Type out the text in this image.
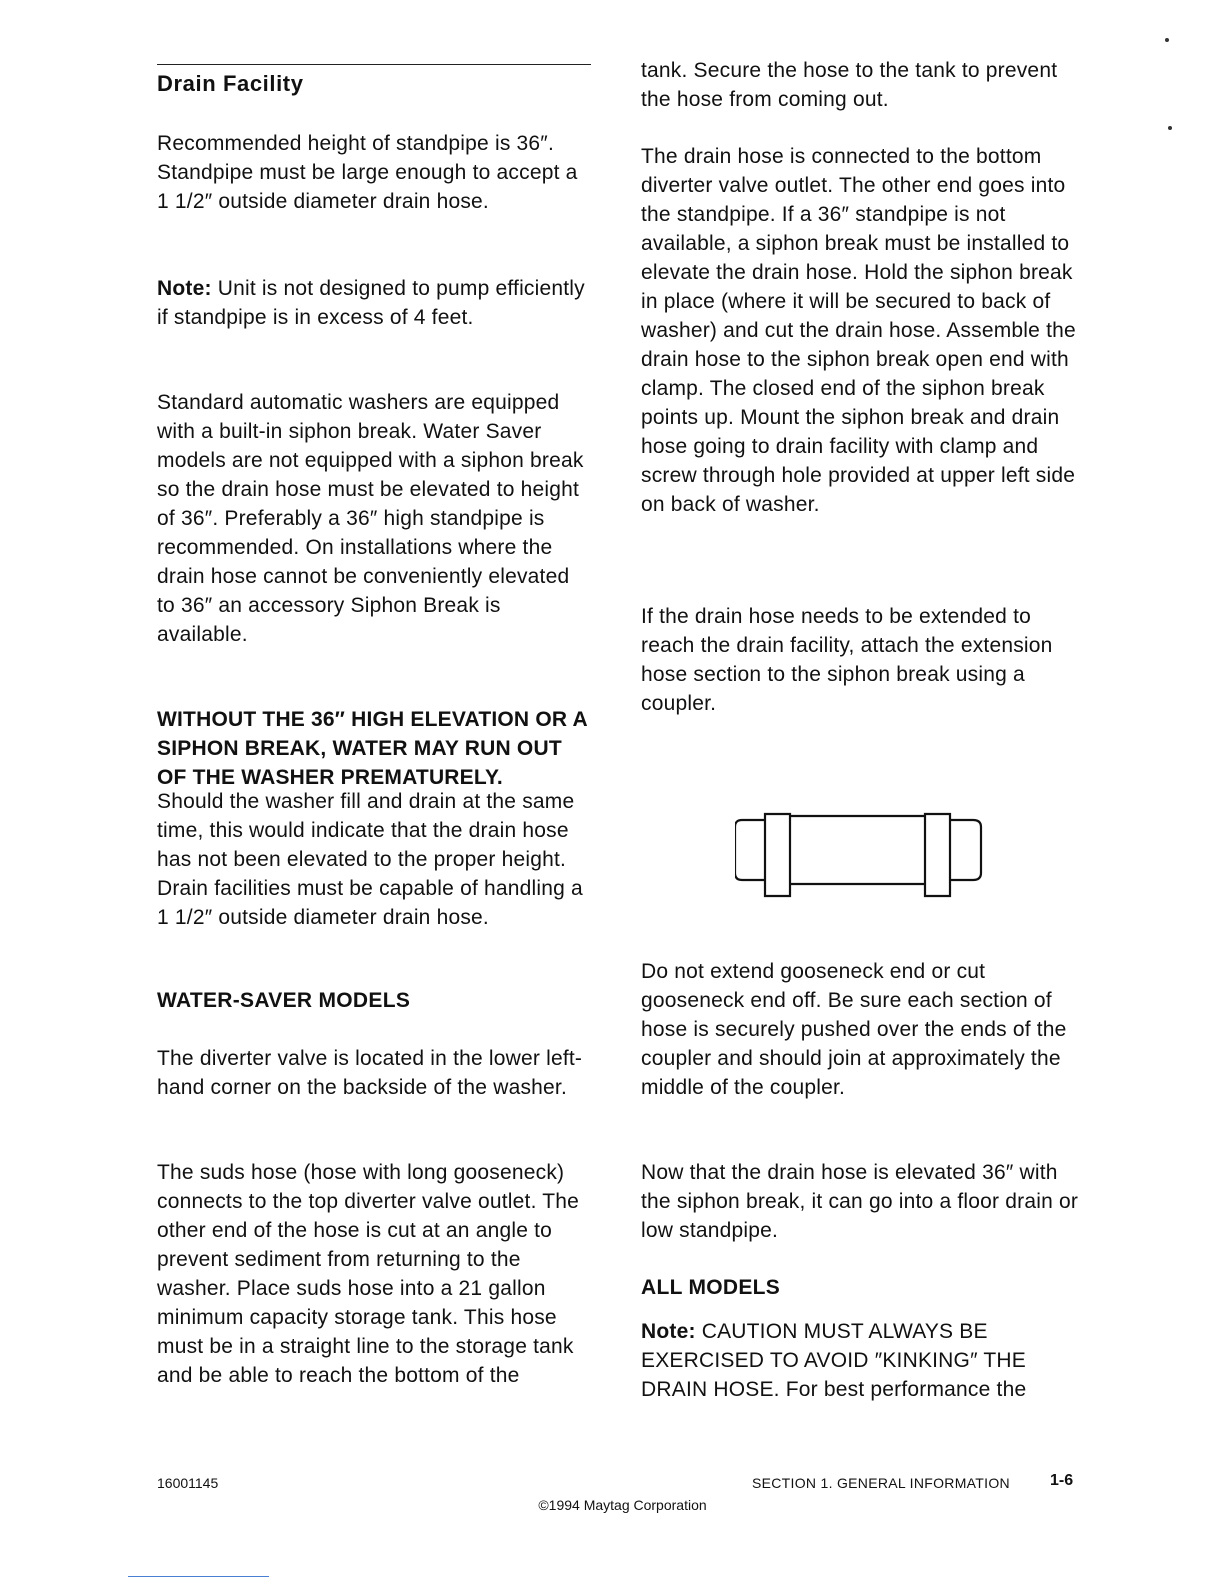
Drain Facility

Recommended height of standpipe is 36″. Standpipe must be large enough to accept a 1 1/2″ outside diameter drain hose.

Note: Unit is not designed to pump efficiently if standpipe is in excess of 4 feet.

Standard automatic washers are equipped with a built-in siphon break. Water Saver models are not equipped with a siphon break so the drain hose must be elevated to height of 36″. Preferably a 36″ high standpipe is recommended. On installations where the drain hose cannot be conveniently elevated to 36″ an accessory Siphon Break is available.

WITHOUT THE 36″ HIGH ELEVATION OR A SIPHON BREAK, WATER MAY RUN OUT OF THE WASHER PREMATURELY.

Should the washer fill and drain at the same time, this would indicate that the drain hose has not been elevated to the proper height. Drain facilities must be capable of handling a 1 1/2″ outside diameter drain hose.

WATER-SAVER MODELS

The diverter valve is located in the lower left-hand corner on the backside of the washer.

The suds hose (hose with long gooseneck) connects to the top diverter valve outlet. The other end of the hose is cut at an angle to prevent sediment from returning to the washer. Place suds hose into a 21 gallon minimum capacity storage tank. This hose must be in a straight line to the storage tank and be able to reach the bottom of the

tank. Secure the hose to the tank to prevent the hose from coming out.

The drain hose is connected to the bottom diverter valve outlet. The other end goes into the standpipe. If a 36″ standpipe is not available, a siphon break must be installed to elevate the drain hose. Hold the siphon break in place (where it will be secured to back of washer) and cut the drain hose. Assemble the drain hose to the siphon break open end with clamp. The closed end of the siphon break points up. Mount the siphon break and drain hose going to drain facility with clamp and screw through hole provided at upper left side on back of washer.

If the drain hose needs to be extended to reach the drain facility, attach the extension hose section to the siphon break using a coupler.

Do not extend gooseneck end or cut gooseneck end off. Be sure each section of hose is securely pushed over the ends of the coupler and should join at approximately the middle of the coupler.

Now that the drain hose is elevated 36″ with the siphon break, it can go into a floor drain or low standpipe.

ALL MODELS

Note: CAUTION MUST ALWAYS BE EXERCISED TO AVOID ″KINKING″ THE DRAIN HOSE. For best performance the

16001145	SECTION 1. GENERAL INFORMATION	1-6
©1994 Maytag Corporation
